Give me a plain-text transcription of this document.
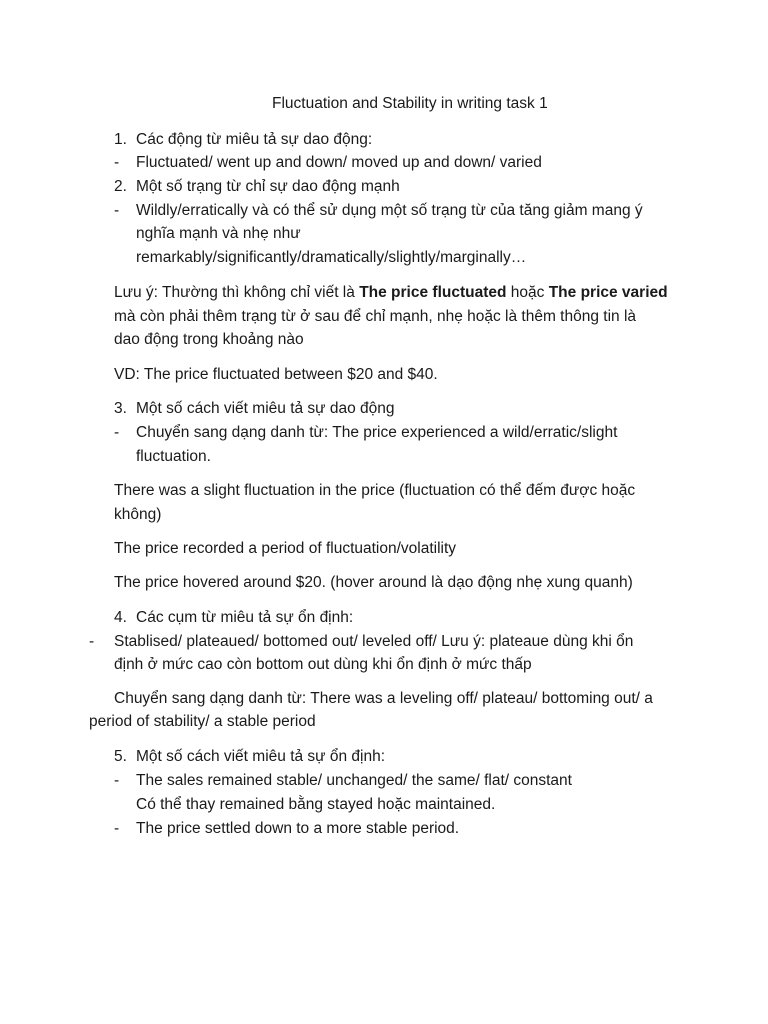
Fluctuation and Stability in writing task 1
1. Các động từ miêu tả sự dao động:
- Fluctuated/ went up and down/ moved up and down/ varied
2. Một số trạng từ chỉ sự dao động mạnh
- Wildly/erratically và có thể sử dụng một số trạng từ của tăng giảm mang ý
nghĩa mạnh và nhẹ như
remarkably/significantly/dramatically/slightly/marginally…
Lưu ý: Thường thì không chỉ viết là The price fluctuated hoặc The price varied
mà còn phải thêm trạng từ ở sau để chỉ mạnh, nhẹ hoặc là thêm thông tin là
dao động trong khoảng nào
VD: The price fluctuated between $20 and $40.
3. Một số cách viết miêu tả sự dao động
- Chuyển sang dạng danh từ: The price experienced a wild/erratic/slight
fluctuation.
There was a slight fluctuation in the price (fluctuation có thể đếm được hoặc
không)
The price recorded a period of fluctuation/volatility
The price hovered around $20. (hover around là dạo động nhẹ xung quanh)
4. Các cụm từ miêu tả sự ổn định:
- Stablised/ plateaued/ bottomed out/ leveled off/ Lưu ý: plateaue dùng khi ổn
định ở mức cao còn bottom out dùng khi ổn định ở mức thấp
Chuyển sang dạng danh từ: There was a leveling off/ plateau/ bottoming out/ a
period of stability/ a stable period
5. Một số cách viết miêu tả sự ổn định:
- The sales remained stable/ unchanged/ the same/ flat/ constant
Có thể thay remained bằng stayed hoặc maintained.
- The price settled down to a more stable period.
